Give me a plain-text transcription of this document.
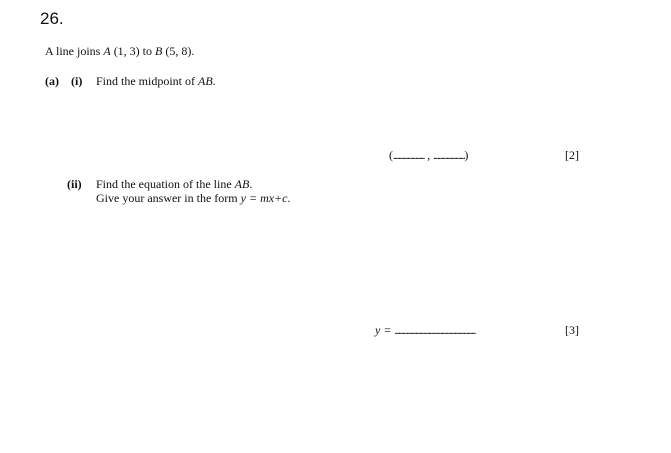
26.
A line joins A (1, 3) to B (5, 8).
(a) (i) Find the midpoint of AB.
(........................ , ........................)	[2]
(ii) Find the equation of the line AB.
Give your answer in the form y = mx+c.
y = ..............................................................	[3]
